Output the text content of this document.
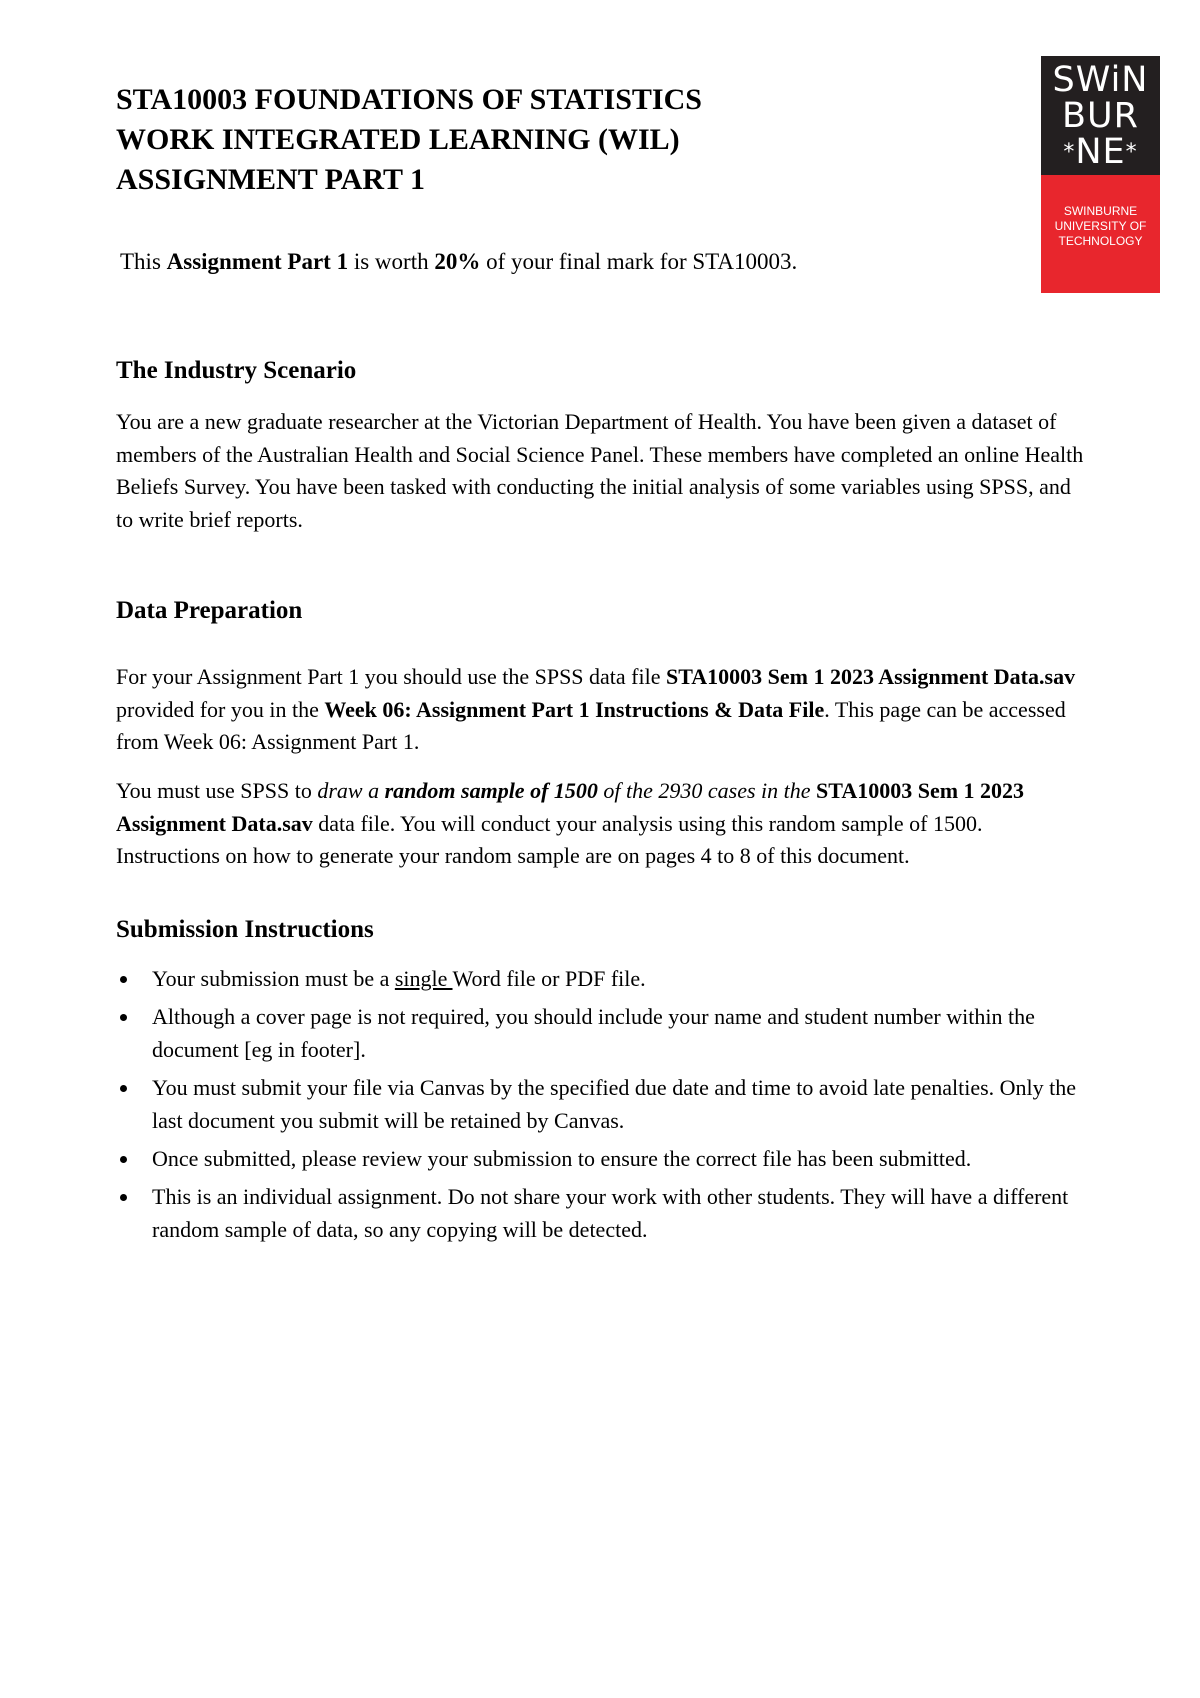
STA10003 FOUNDATIONS OF STATISTICS

WORK INTEGRATED LEARNING (WIL)

ASSIGNMENT PART 1

SWiN
BUR
*NE*
SWINBURNE
UNIVERSITY OF
TECHNOLOGY

This Assignment Part 1 is worth 20% of your final mark for STA10003.

The Industry Scenario

You are a new graduate researcher at the Victorian Department of Health. You have been given a dataset of members of the Australian Health and Social Science Panel. These members have completed an online Health Beliefs Survey. You have been tasked with conducting the initial analysis of some variables using SPSS, and to write brief reports.

Data Preparation

For your Assignment Part 1 you should use the SPSS data file STA10003 Sem 1 2023 Assignment Data.sav provided for you in the Week 06: Assignment Part 1 Instructions & Data File. This page can be accessed from Week 06: Assignment Part 1.

You must use SPSS to draw a random sample of 1500 of the 2930 cases in the STA10003 Sem 1 2023 Assignment Data.sav data file. You will conduct your analysis using this random sample of 1500. Instructions on how to generate your random sample are on pages 4 to 8 of this document.

Submission Instructions
Your submission must be a single Word file or PDF file.
Although a cover page is not required, you should include your name and student number within the document [eg in footer].
You must submit your file via Canvas by the specified due date and time to avoid late penalties. Only the last document you submit will be retained by Canvas.
Once submitted, please review your submission to ensure the correct file has been submitted.
This is an individual assignment. Do not share your work with other students. They will have a different random sample of data, so any copying will be detected.
